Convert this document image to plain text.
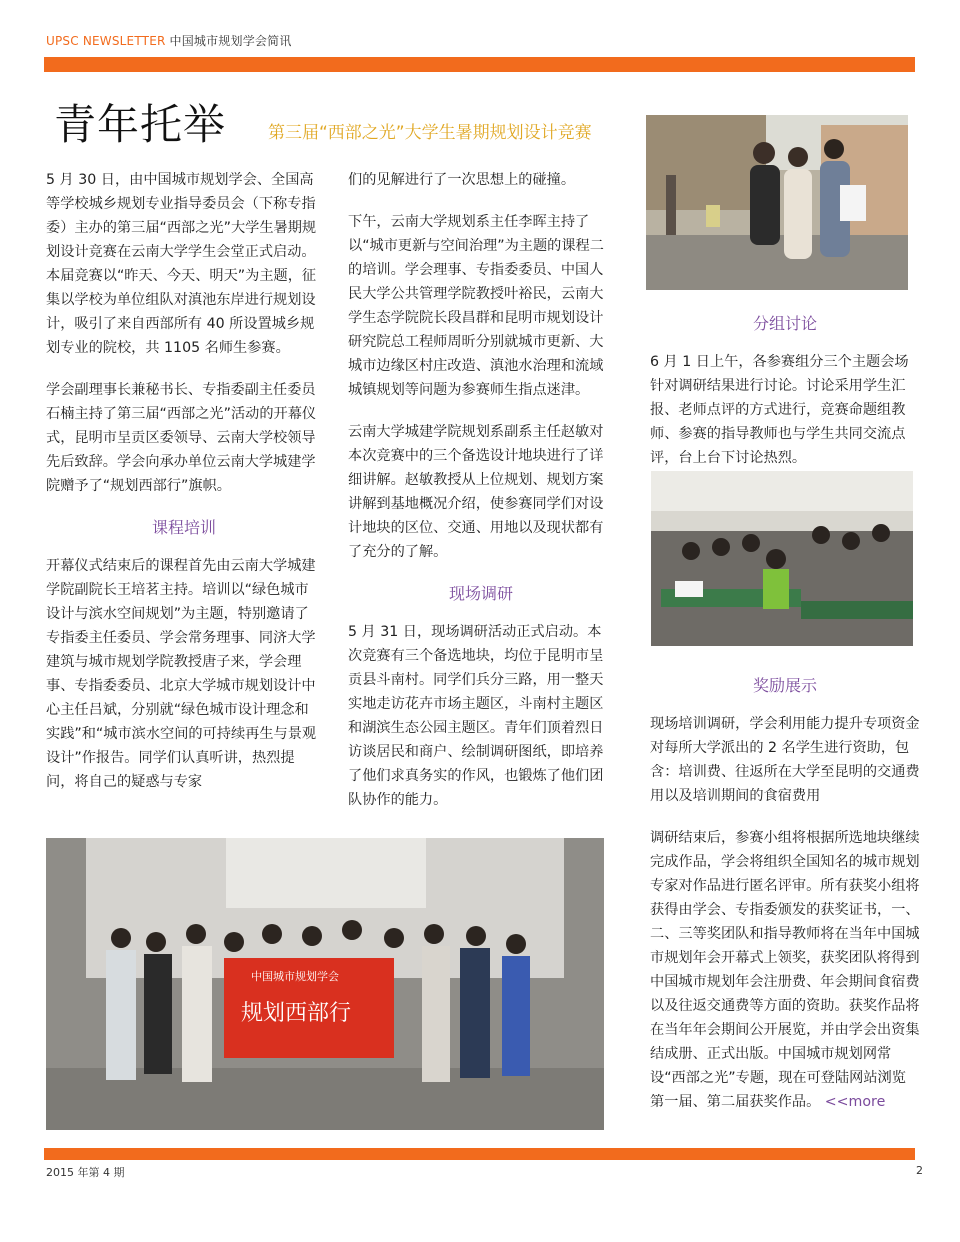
UPSC NEWSLETTER 中国城市规划学会简讯
青年托举 第三届“西部之光”大学生暑期规划设计竞赛

5 月 30 日，由中国城市规划学会、全国高等学校城乡规划专业指导委员会（下称专指委）主办的第三届“西部之光”大学生暑期规划设计竞赛在云南大学学生会堂正式启动。本届竞赛以“昨天、今天、明天”为主题，征集以学校为单位组队对滇池东岸进行规划设计，吸引了来自西部所有 40 所设置城乡规划专业的院校，共 1105 名师生参赛。

学会副理事长兼秘书长、专指委副主任委员石楠主持了第三届“西部之光”活动的开幕仪式，昆明市呈贡区委领导、云南大学校领导先后致辞。学会向承办单位云南大学城建学院赠予了“规划西部行”旗帜。

课程培训

开幕仪式结束后的课程首先由云南大学城建学院副院长王培茗主持。培训以“绿色城市设计与滨水空间规划”为主题，特别邀请了专指委主任委员、学会常务理事、同济大学建筑与城市规划学院教授唐子来，学会理事、专指委委员、北京大学城市规划设计中心主任吕斌，分别就“绿色城市设计理念和实践”和“城市滨水空间的可持续再生与景观设计”作报告。同学们认真听讲，热烈提问，将自己的疑惑与专家

们的见解进行了一次思想上的碰撞。

下午，云南大学规划系主任李晖主持了以“城市更新与空间治理”为主题的课程二的培训。学会理事、专指委委员、中国人民大学公共管理学院教授叶裕民，云南大学生态学院院长段昌群和昆明市规划设计研究院总工程师周昕分别就城市更新、大城市边缘区村庄改造、滇池水治理和流域城镇规划等问题为参赛师生指点迷津。

云南大学城建学院规划系副系主任赵敏对本次竞赛中的三个备选设计地块进行了详细讲解。赵敏教授从上位规划、规划方案讲解到基地概况介绍，使参赛同学们对设计地块的区位、交通、用地以及现状都有了充分的了解。

现场调研

5 月 31 日，现场调研活动正式启动。本次竞赛有三个备选地块，均位于昆明市呈贡县斗南村。同学们兵分三路，用一整天实地走访花卉市场主题区，斗南村主题区和湖滨生态公园主题区。青年们顶着烈日访谈居民和商户、绘制调研图纸，即培养了他们求真务实的作风，也锻炼了他们团队协作的能力。

分组讨论

6 月 1 日上午，各参赛组分三个主题会场针对调研结果进行讨论。讨论采用学生汇报、老师点评的方式进行，竞赛命题组教师、参赛的指导教师也与学生共同交流点评，台上台下讨论热烈。

奖励展示

现场培训调研，学会利用能力提升专项资金对每所大学派出的 2 名学生进行资助，包含：培训费、往返所在大学至昆明的交通费用以及培训期间的食宿费用

调研结束后，参赛小组将根据所选地块继续完成作品，学会将组织全国知名的城市规划专家对作品进行匿名评审。所有获奖小组将获得由学会、专指委颁发的获奖证书，一、二、三等奖团队和指导教师将在当年中国城市规划年会开幕式上领奖，获奖团队将得到中国城市规划年会注册费、年会期间食宿费以及往返交通费等方面的资助。获奖作品将在当年年会期间公开展览，并由学会出资集结成册、正式出版。中国城市规划网常设“西部之光”专题，现在可登陆网站浏览第一届、第二届获奖作品。 <<more

中国城市规划学会
规划西部行
2015 年第 4 期	2
